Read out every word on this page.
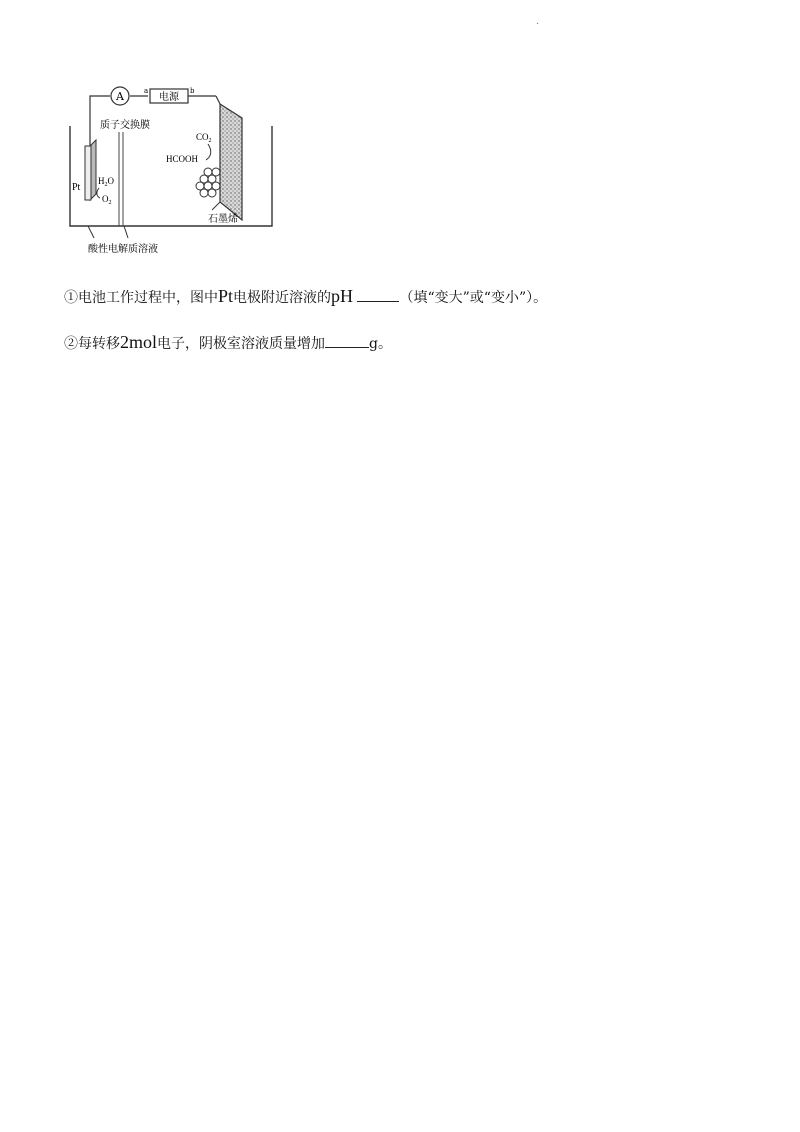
.
A	a	b
电源
质子交换膜
Pt
$H_2O$
$O_2$
$CO_2$
HCOOH
石墨烯
酸性电解质溶液
①电池工作过程中，图中Pt电极附近溶液的pH	（填“变大”或“变小”）。
②每转移2mol电子，阴极室溶液质量增加	g。
